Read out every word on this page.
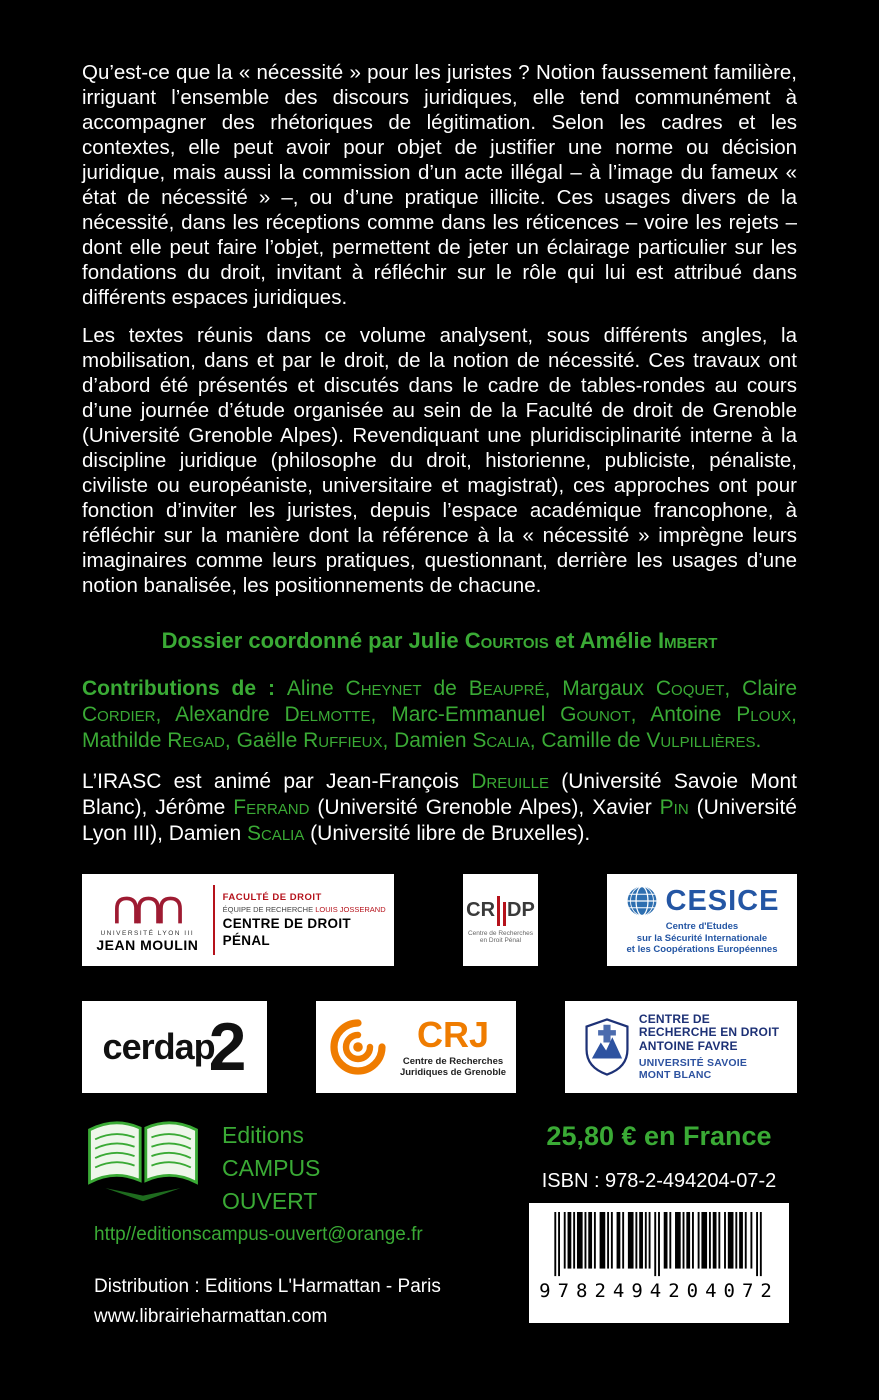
Qu’est-ce que la « nécessité » pour les juristes ? Notion faussement familière, irriguant l’ensemble des discours juridiques, elle tend communément à accompagner des rhétoriques de légitimation. Selon les cadres et les contextes, elle peut avoir pour objet de justifier une norme ou décision juridique, mais aussi la commission d’un acte illégal – à l’image du fameux « état de nécessité » –, ou d’une pratique illicite. Ces usages divers de la nécessité, dans les réceptions comme dans les réticences – voire les rejets – dont elle peut faire l’objet, permettent de jeter un éclairage particulier sur les fondations du droit, invitant à réfléchir sur le rôle qui lui est attribué dans différents espaces juridiques.

Les textes réunis dans ce volume analysent, sous différents angles, la mobilisation, dans et par le droit, de la notion de nécessité. Ces travaux ont d’abord été présentés et discutés dans le cadre de tables-rondes au cours d’une journée d’étude organisée au sein de la Faculté de droit de Grenoble (Université Grenoble Alpes). Revendiquant une pluridisciplinarité interne à la discipline juridique (philosophe du droit, historienne, publiciste, pénaliste, civiliste ou européaniste, universitaire et magistrat), ces approches ont pour fonction d’inviter les juristes, depuis l’espace académique francophone, à réfléchir sur la manière dont la référence à la « nécessité » imprègne leurs imaginaires comme leurs pratiques, questionnant, derrière les usages d’une notion banalisée, les positionnements de chacune.

Dossier coordonné par Julie Courtois et Amélie Imbert

Contributions de : Aline Cheynet de Beaupré, Margaux Coquet, Claire Cordier, Alexandre Delmotte, Marc-Emmanuel Gounot, Antoine Ploux, Mathilde Regad, Gaëlle Ruffieux, Damien Scalia, Camille de Vulpillières.

L’IRASC est animé par Jean-François Dreuille (Université Savoie Mont Blanc), Jérôme Ferrand (Université Grenoble Alpes), Xavier Pin (Université Lyon III), Damien Scalia (Université libre de Bruxelles).

UNIVERSITÉ LYON III
JEAN MOULIN
FACULTÉ DE DROIT
ÉQUIPE DE RECHERCHE LOUIS JOSSERAND
CENTRE DE DROIT
PÉNAL
CR DP
Centre de Recherches en Droit Pénal
CESICE
Centre d'Etudes
sur la Sécurité Internationale
et les Coopérations Européennes
cerdap
2	CRJ
Centre de Recherches
Juridiques de Grenoble
CENTRE DE
RECHERCHE EN DROIT
ANTOINE FAVRE
UNIVERSITÉ SAVOIE
MONT BLANC
Editions
CAMPUS
OUVERT
http//editionscampus-ouvert@orange.fr
Distribution : Editions L'Harmattan - Paris
www.librairieharmattan.com
25,80 € en France
ISBN : 978-2-494204-07-2
9782494204072
